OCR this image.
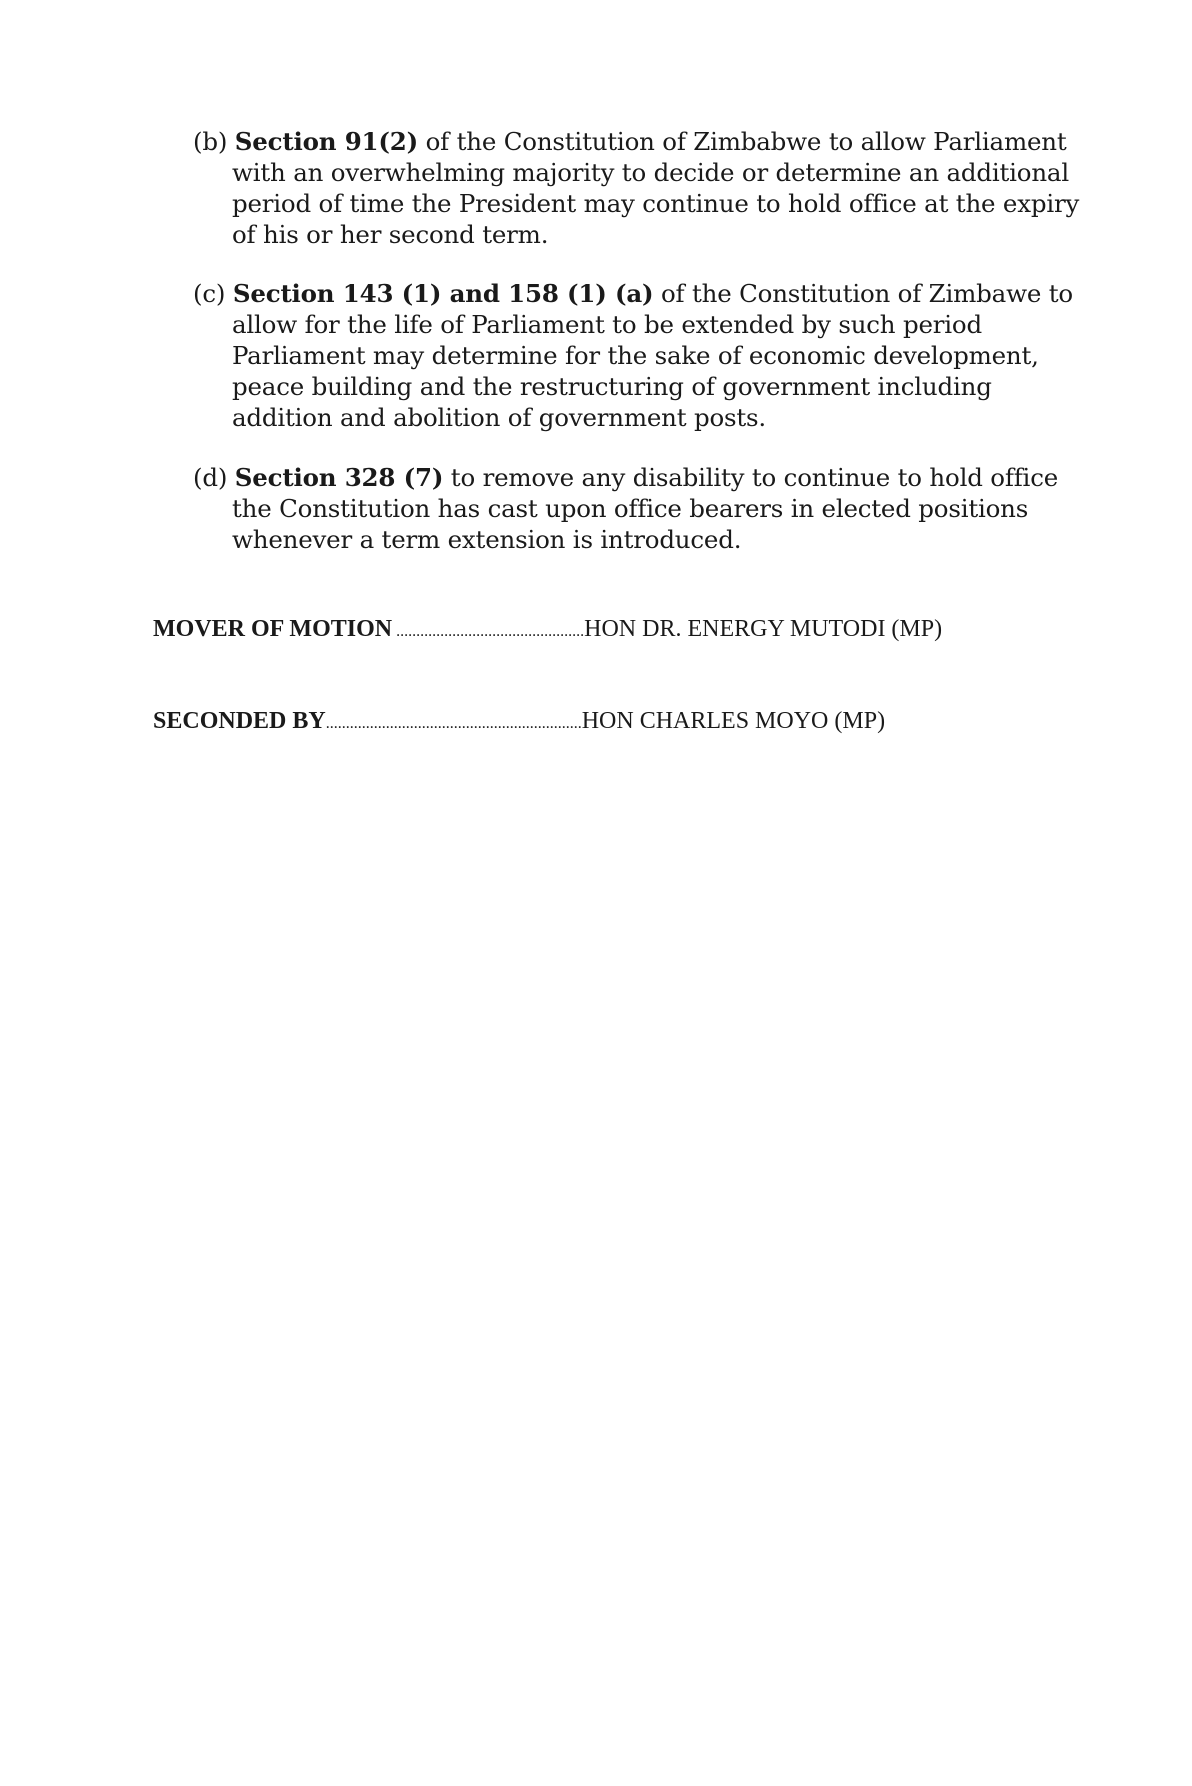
(b) Section 91(2) of the Constitution of Zimbabwe to allow Parliament with an overwhelming majority to decide or determine an additional period of time the President may continue to hold office at the expiry of his or her second term.

(c) Section 143 (1) and 158 (1) (a) of the Constitution of Zimbawe to allow for the life of Parliament to be extended by such period Parliament may determine for the sake of economic development, peace building and the restructuring of government including addition and abolition of government posts.

(d) Section 328 (7) to remove any disability to continue to hold office the Constitution has cast upon office bearers in elected positions whenever a term extension is introduced.

MOVER OF MOTION ...............................................HON DR. ENERGY MUTODI (MP)
SECONDED BY................................................................HON CHARLES MOYO (MP)
